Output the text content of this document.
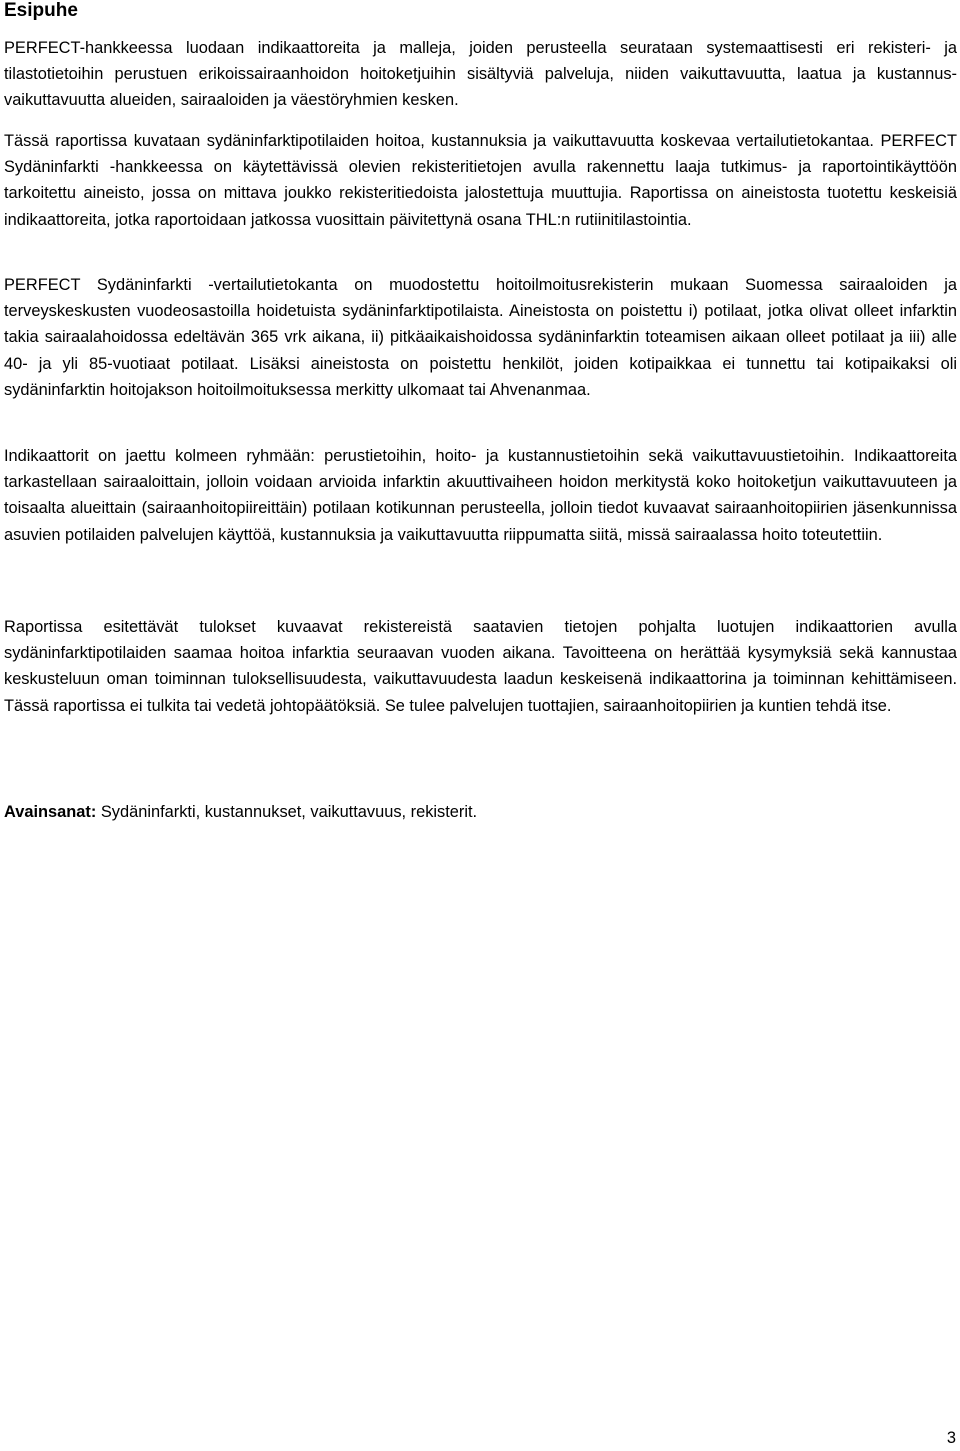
Esipuhe

PERFECT-hankkeessa luodaan indikaattoreita ja malleja, joiden perusteella seurataan systemaattisesti eri rekisteri- ja tilastotietoihin perustuen erikoissairaanhoidon hoitoketjuihin sisältyviä palveluja, niiden vaikuttavuutta, laatua ja kustannus-vaikuttavuutta alueiden, sairaaloiden ja väestöryhmien kesken.

Tässä raportissa kuvataan sydäninfarktipotilaiden hoitoa, kustannuksia ja vaikuttavuutta koskevaa vertailutietokantaa. PERFECT Sydäninfarkti -hankkeessa on käytettävissä olevien rekisteritietojen avulla rakennettu laaja tutkimus- ja raportointikäyttöön tarkoitettu aineisto, jossa on mittava joukko rekisteritiedoista jalostettuja muuttujia. Raportissa on aineistosta tuotettu keskeisiä indikaattoreita, jotka raportoidaan jatkossa vuosittain päivitettynä osana THL:n rutiinitilastointia.

PERFECT Sydäninfarkti -vertailutietokanta on muodostettu hoitoilmoitusrekisterin mukaan Suomessa sairaaloiden ja terveyskeskusten vuodeosastoilla hoidetuista sydäninfarktipotilaista. Aineistosta on poistettu i) potilaat, jotka olivat olleet infarktin takia sairaalahoidossa edeltävän 365 vrk aikana, ii) pitkäaikaishoidossa sydäninfarktin toteamisen aikaan olleet potilaat ja iii) alle 40- ja yli 85-vuotiaat potilaat. Lisäksi aineistosta on poistettu henkilöt, joiden kotipaikkaa ei tunnettu tai kotipaikaksi oli sydäninfarktin hoitojakson hoitoilmoituksessa merkitty ulkomaat tai Ahvenanmaa.

Indikaattorit on jaettu kolmeen ryhmään: perustietoihin, hoito- ja kustannustietoihin sekä vaikuttavuustietoihin. Indikaattoreita tarkastellaan sairaaloittain, jolloin voidaan arvioida infarktin akuuttivaiheen hoidon merkitystä koko hoitoketjun vaikuttavuuteen ja toisaalta alueittain (sairaanhoitopiireittäin) potilaan kotikunnan perusteella, jolloin tiedot kuvaavat sairaanhoitopiirien jäsenkunnissa asuvien potilaiden palvelujen käyttöä, kustannuksia ja vaikuttavuutta riippumatta siitä, missä sairaalassa hoito toteutettiin.

Raportissa esitettävät tulokset kuvaavat rekistereistä saatavien tietojen pohjalta luotujen indikaattorien avulla sydäninfarktipotilaiden saamaa hoitoa infarktia seuraavan vuoden aikana. Tavoitteena on herättää kysymyksiä sekä kannustaa keskusteluun oman toiminnan tuloksellisuudesta, vaikuttavuudesta laadun keskeisenä indikaattorina ja toiminnan kehittämiseen. Tässä raportissa ei tulkita tai vedetä johtopäätöksiä. Se tulee palvelujen tuottajien, sairaanhoitopiirien ja kuntien tehdä itse.

Avainsanat: Sydäninfarkti, kustannukset, vaikuttavuus, rekisterit.

3
